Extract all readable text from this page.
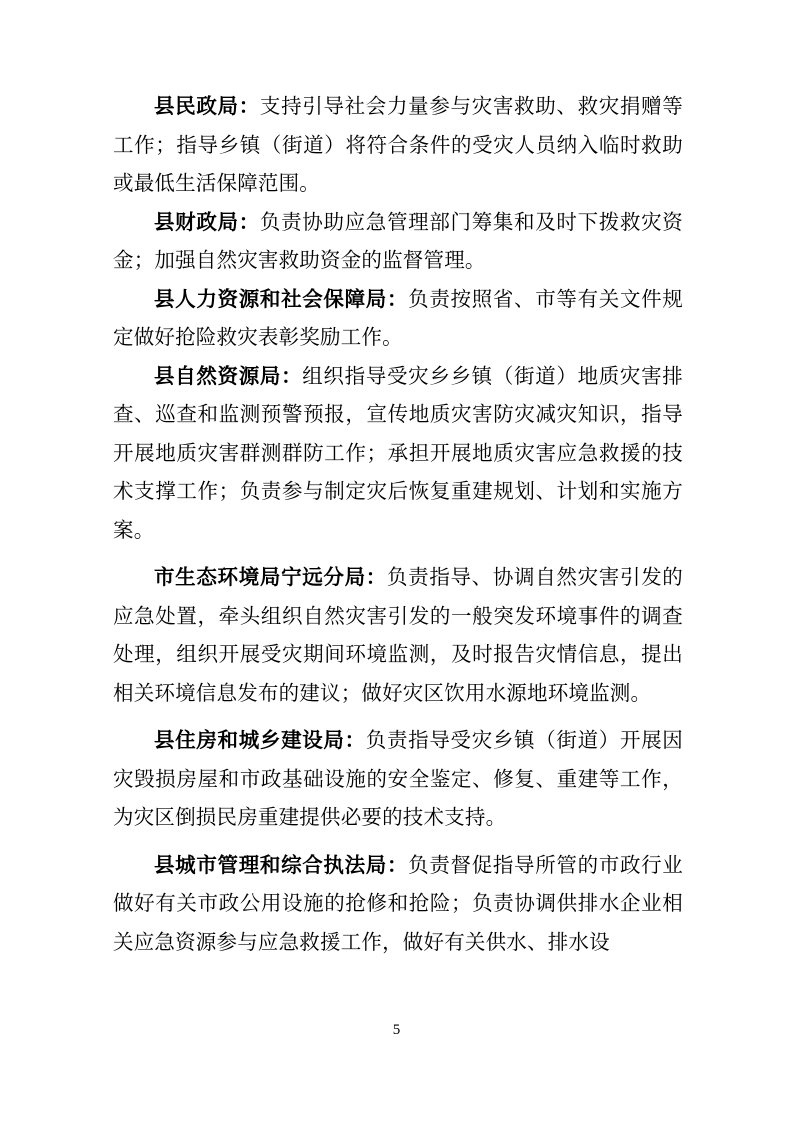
县民政局：支持引导社会力量参与灾害救助、救灾捐赠等工作；指导乡镇（街道）将符合条件的受灾人员纳入临时救助或最低生活保障范围。

县财政局：负责协助应急管理部门筹集和及时下拨救灾资金；加强自然灾害救助资金的监督管理。

县人力资源和社会保障局：负责按照省、市等有关文件规定做好抢险救灾表彰奖励工作。

县自然资源局：组织指导受灾乡乡镇（街道）地质灾害排查、巡查和监测预警预报，宣传地质灾害防灾减灾知识，指导开展地质灾害群测群防工作；承担开展地质灾害应急救援的技术支撑工作；负责参与制定灾后恢复重建规划、计划和实施方案。

市生态环境局宁远分局：负责指导、协调自然灾害引发的应急处置，牵头组织自然灾害引发的一般突发环境事件的调查处理，组织开展受灾期间环境监测，及时报告灾情信息，提出相关环境信息发布的建议；做好灾区饮用水源地环境监测。

县住房和城乡建设局：负责指导受灾乡镇（街道）开展因灾毁损房屋和市政基础设施的安全鉴定、修复、重建等工作，为灾区倒损民房重建提供必要的技术支持。

县城市管理和综合执法局：负责督促指导所管的市政行业做好有关市政公用设施的抢修和抢险；负责协调供排水企业相关应急资源参与应急救援工作，做好有关供水、排水设

5
